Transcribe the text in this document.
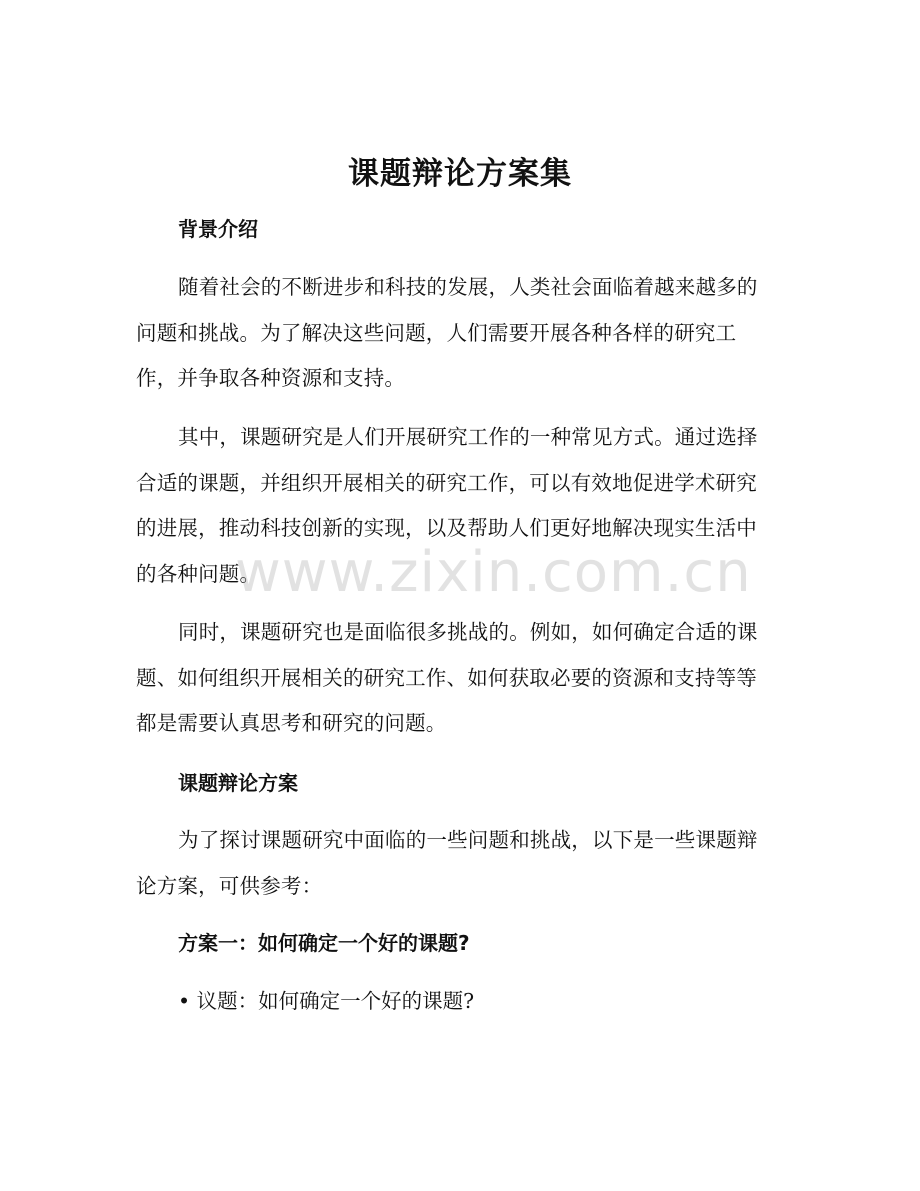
课题辩论方案集
背景介绍

随着社会的不断进步和科技的发展，人类社会面临着越来越多的问题和挑战。为了解决这些问题，人们需要开展各种各样的研究工作，并争取各种资源和支持。

其中，课题研究是人们开展研究工作的一种常见方式。通过选择合适的课题，并组织开展相关的研究工作，可以有效地促进学术研究的进展，推动科技创新的实现，以及帮助人们更好地解决现实生活中的各种问题。

同时，课题研究也是面临很多挑战的。例如，如何确定合适的课题、如何组织开展相关的研究工作、如何获取必要的资源和支持等等都是需要认真思考和研究的问题。

课题辩论方案

为了探讨课题研究中面临的一些问题和挑战，以下是一些课题辩论方案，可供参考：

方案一：如何确定一个好的课题?
• 议题：如何确定一个好的课题?
www.zixin.com.cn
